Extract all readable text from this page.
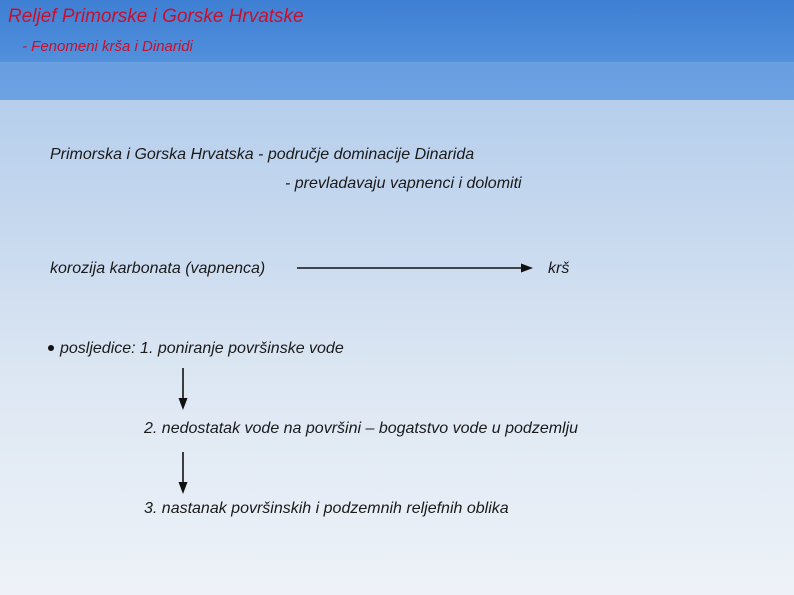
Reljef Primorske i Gorske Hrvatske

- Fenomeni krša i Dinaridi

Primorska i Gorska Hrvatska - područje dominacije Dinarida

- prevladavaju vapnenci i dolomiti

korozija karbonata (vapnenca)	krš

posljedice: 1. poniranje površinske vode

2. nedostatak vode na površini – bogatstvo vode u podzemlju

3. nastanak površinskih i podzemnih reljefnih oblika
